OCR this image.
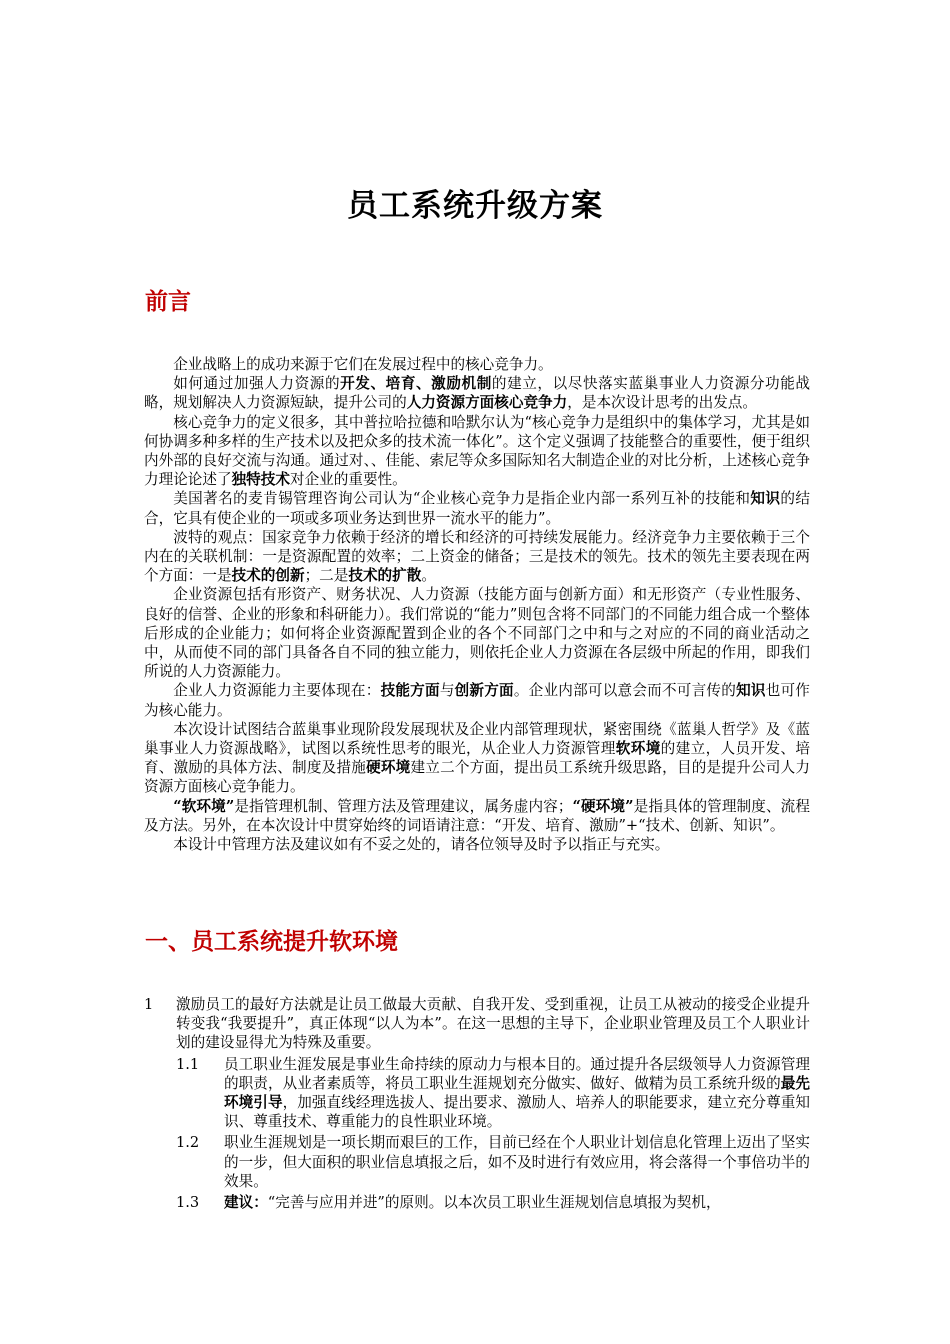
员工系统升级方案
前言

企业战略上的成功来源于它们在发展过程中的核心竞争力。

如何通过加强人力资源的开发、培育、激励机制的建立，以尽快落实蓝巢事业人力资源分功能战略，规划解决人力资源短缺，提升公司的人力资源方面核心竞争力，是本次设计思考的出发点。

核心竞争力的定义很多，其中普拉哈拉德和哈默尔认为“核心竞争力是组织中的集体学习，尤其是如何协调多种多样的生产技术以及把众多的技术流一体化”。这个定义强调了技能整合的重要性，便于组织内外部的良好交流与沟通。通过对、、佳能、索尼等众多国际知名大制造企业的对比分析，上述核心竞争力理论论述了独特技术对企业的重要性。

美国著名的麦肯锡管理咨询公司认为“企业核心竞争力是指企业内部一系列互补的技能和知识的结合，它具有使企业的一项或多项业务达到世界一流水平的能力”。

波特的观点：国家竞争力依赖于经济的增长和经济的可持续发展能力。经济竞争力主要依赖于三个内在的关联机制：一是资源配置的效率；二上资金的储备；三是技术的领先。技术的领先主要表现在两个方面：一是技术的创新；二是技术的扩散。

企业资源包括有形资产、财务状况、人力资源（技能方面与创新方面）和无形资产（专业性服务、良好的信誉、企业的形象和科研能力）。我们常说的“能力”则包含将不同部门的不同能力组合成一个整体后形成的企业能力；如何将企业资源配置到企业的各个不同部门之中和与之对应的不同的商业活动之中，从而使不同的部门具备各自不同的独立能力，则依托企业人力资源在各层级中所起的作用，即我们所说的人力资源能力。

企业人力资源能力主要体现在：技能方面与创新方面。企业内部可以意会而不可言传的知识也可作为核心能力。

本次设计试图结合蓝巢事业现阶段发展现状及企业内部管理现状，紧密围绕《蓝巢人哲学》及《蓝巢事业人力资源战略》，试图以系统性思考的眼光，从企业人力资源管理软环境的建立，人员开发、培育、激励的具体方法、制度及措施硬环境建立二个方面，提出员工系统升级思路，目的是提升公司人力资源方面核心竞争能力。

“软环境”是指管理机制、管理方法及管理建议，属务虚内容；“硬环境”是指具体的管理制度、流程及方法。另外，在本次设计中贯穿始终的词语请注意：“开发、培育、激励”+“技术、创新、知识”。

本设计中管理方法及建议如有不妥之处的，请各位领导及时予以指正与充实。

一、员工系统提升软环境
1	激励员工的最好方法就是让员工做最大贡献、自我开发、受到重视，让员工从被动的接受企业提升转变我“我要提升”，真正体现“以人为本”。在这一思想的主导下，企业职业管理及员工个人职业计划的建设显得尤为特殊及重要。
1.1	员工职业生涯发展是事业生命持续的原动力与根本目的。通过提升各层级领导人力资源管理的职责，从业者素质等，将员工职业生涯规划充分做实、做好、做精为员工系统升级的最先环境引导，加强直线经理选拔人、提出要求、激励人、培养人的职能要求，建立充分尊重知识、尊重技术、尊重能力的良性职业环境。
1.2	职业生涯规划是一项长期而艰巨的工作，目前已经在个人职业计划信息化管理上迈出了坚实的一步，但大面积的职业信息填报之后，如不及时进行有效应用，将会落得一个事倍功半的效果。
1.3	建议：“完善与应用并进”的原则。以本次员工职业生涯规划信息填报为契机，
